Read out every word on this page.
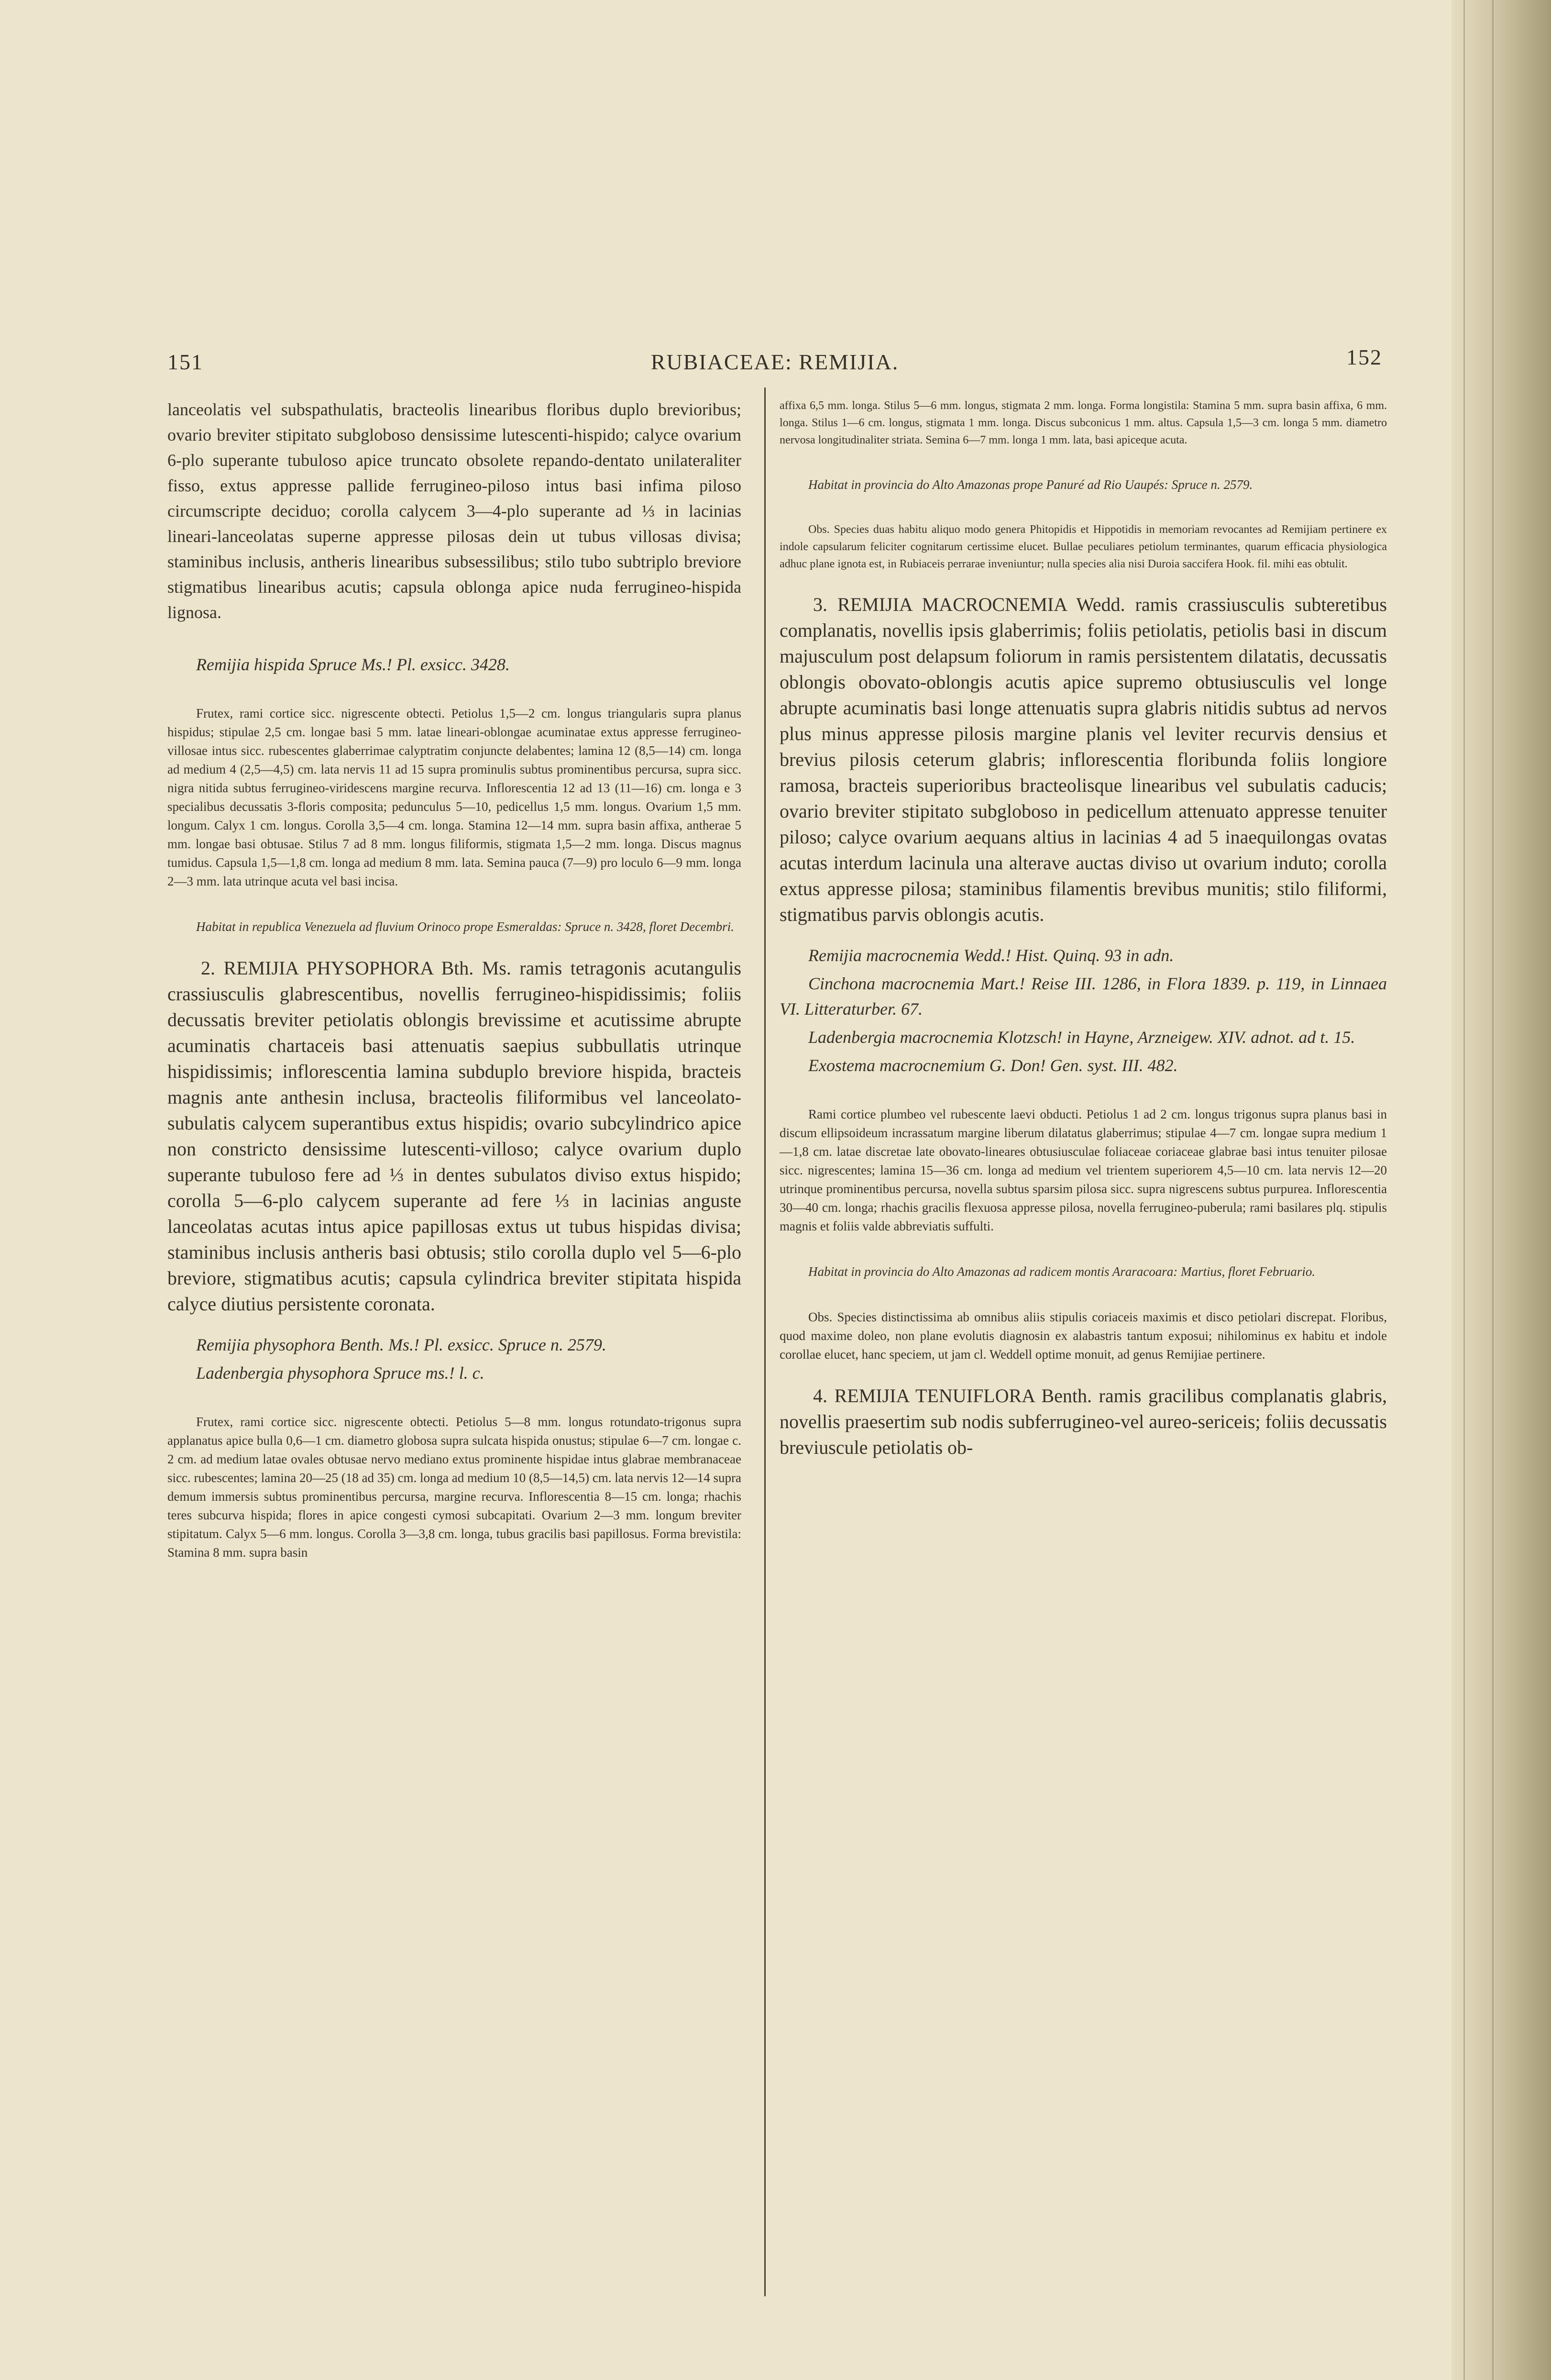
151	RUBIACEAE: REMIJIA.	152

lanceolatis vel subspathulatis, bracteolis linearibus floribus duplo brevioribus; ovario breviter stipitato subgloboso densissime lutescenti-hispido; calyce ovarium 6-plo superante tubuloso apice truncato obsolete repando-dentato unilateraliter fisso, extus appresse pallide ferrugineo-piloso intus basi infima piloso circumscripte deciduo; corolla calycem 3—4-plo superante ad ⅓ in lacinias lineari-lanceolatas superne appresse pilosas dein ut tubus villosas divisa; staminibus inclusis, antheris linearibus subsessilibus; stilo tubo subtriplo breviore stigmatibus linearibus acutis; capsula oblonga apice nuda ferrugineo-hispida lignosa.

Remijia hispida Spruce Ms.! Pl. exsicc. 3428.

Frutex, rami cortice sicc. nigrescente obtecti. Petiolus 1,5—2 cm. longus triangularis supra planus hispidus; stipulae 2,5 cm. longae basi 5 mm. latae lineari-oblongae acuminatae extus appresse ferrugineo-villosae intus sicc. rubescentes glaberrimae calyptratim conjuncte delabentes; lamina 12 (8,5—14) cm. longa ad medium 4 (2,5—4,5) cm. lata nervis 11 ad 15 supra prominulis subtus prominentibus percursa, supra sicc. nigra nitida subtus ferrugineo-viridescens margine recurva. Inflorescentia 12 ad 13 (11—16) cm. longa e 3 specialibus decussatis 3-floris composita; pedunculus 5—10, pedicellus 1,5 mm. longus. Ovarium 1,5 mm. longum. Calyx 1 cm. longus. Corolla 3,5—4 cm. longa. Stamina 12—14 mm. supra basin affixa, antherae 5 mm. longae basi obtusae. Stilus 7 ad 8 mm. longus filiformis, stigmata 1,5—2 mm. longa. Discus magnus tumidus. Capsula 1,5—1,8 cm. longa ad medium 8 mm. lata. Semina pauca (7—9) pro loculo 6—9 mm. longa 2—3 mm. lata utrinque acuta vel basi incisa.

Habitat in republica Venezuela ad fluvium Orinoco prope Esmeraldas: Spruce n. 3428, floret Decembri.

2. REMIJIA PHYSOPHORA Bth. Ms. ramis tetragonis acutangulis crassiusculis glabrescentibus, novellis ferrugineo-hispidissimis; foliis decussatis breviter petiolatis oblongis brevissime et acutissime abrupte acuminatis chartaceis basi attenuatis saepius subbullatis utrinque hispidissimis; inflorescentia lamina subduplo breviore hispida, bracteis magnis ante anthesin inclusa, bracteolis filiformibus vel lanceolato-subulatis calycem superantibus extus hispidis; ovario subcylindrico apice non constricto densissime lutescenti-villoso; calyce ovarium duplo superante tubuloso fere ad ⅓ in dentes subulatos diviso extus hispido; corolla 5—6-plo calycem superante ad fere ⅓ in lacinias anguste lanceolatas acutas intus apice papillosas extus ut tubus hispidas divisa; staminibus inclusis antheris basi obtusis; stilo corolla duplo vel 5—6-plo breviore, stigmatibus acutis; capsula cylindrica breviter stipitata hispida calyce diutius persistente coronata.

Remijia physophora Benth. Ms.! Pl. exsicc. Spruce n. 2579.

Ladenbergia physophora Spruce ms.! l. c.

Frutex, rami cortice sicc. nigrescente obtecti. Petiolus 5—8 mm. longus rotundato-trigonus supra applanatus apice bulla 0,6—1 cm. diametro globosa supra sulcata hispida onustus; stipulae 6—7 cm. longae c. 2 cm. ad medium latae ovales obtusae nervo mediano extus prominente hispidae intus glabrae membranaceae sicc. rubescentes; lamina 20—25 (18 ad 35) cm. longa ad medium 10 (8,5—14,5) cm. lata nervis 12—14 supra demum immersis subtus prominentibus percursa, margine recurva. Inflorescentia 8—15 cm. longa; rhachis teres subcurva hispida; flores in apice congesti cymosi subcapitati. Ovarium 2—3 mm. longum breviter stipitatum. Calyx 5—6 mm. longus. Corolla 3—3,8 cm. longa, tubus gracilis basi papillosus. Forma brevistila: Stamina 8 mm. supra basin

affixa 6,5 mm. longa. Stilus 5—6 mm. longus, stigmata 2 mm. longa. Forma longistila: Stamina 5 mm. supra basin affixa, 6 mm. longa. Stilus 1—6 cm. longus, stigmata 1 mm. longa. Discus subconicus 1 mm. altus. Capsula 1,5—3 cm. longa 5 mm. diametro nervosa longitudinaliter striata. Semina 6—7 mm. longa 1 mm. lata, basi apiceque acuta.

Habitat in provincia do Alto Amazonas prope Panuré ad Rio Uaupés: Spruce n. 2579.

Obs. Species duas habitu aliquo modo genera Phitopidis et Hippotidis in memoriam revocantes ad Remijiam pertinere ex indole capsularum feliciter cognitarum certissime elucet. Bullae peculiares petiolum terminantes, quarum efficacia physiologica adhuc plane ignota est, in Rubiaceis perrarae inveniuntur; nulla species alia nisi Duroia saccifera Hook. fil. mihi eas obtulit.

3. REMIJIA MACROCNEMIA Wedd. ramis crassiusculis subteretibus complanatis, novellis ipsis glaberrimis; foliis petiolatis, petiolis basi in discum majusculum post delapsum foliorum in ramis persistentem dilatatis, decussatis oblongis obovato-oblongis acutis apice supremo obtusiusculis vel longe abrupte acuminatis basi longe attenuatis supra glabris nitidis subtus ad nervos plus minus appresse pilosis margine planis vel leviter recurvis densius et brevius pilosis ceterum glabris; inflorescentia floribunda foliis longiore ramosa, bracteis superioribus bracteolisque linearibus vel subulatis caducis; ovario breviter stipitato subgloboso in pedicellum attenuato appresse tenuiter piloso; calyce ovarium aequans altius in lacinias 4 ad 5 inaequilongas ovatas acutas interdum lacinula una alterave auctas diviso ut ovarium induto; corolla extus appresse pilosa; staminibus filamentis brevibus munitis; stilo filiformi, stigmatibus parvis oblongis acutis.

Remijia macrocnemia Wedd.! Hist. Quinq. 93 in adn.

Cinchona macrocnemia Mart.! Reise III. 1286, in Flora 1839. p. 119, in Linnaea VI. Litteraturber. 67.

Ladenbergia macrocnemia Klotzsch! in Hayne, Arzneigew. XIV. adnot. ad t. 15.

Exostema macrocnemium G. Don! Gen. syst. III. 482.

Rami cortice plumbeo vel rubescente laevi obducti. Petiolus 1 ad 2 cm. longus trigonus supra planus basi in discum ellipsoideum incrassatum margine liberum dilatatus glaberrimus; stipulae 4—7 cm. longae supra medium 1—1,8 cm. latae discretae late obovato-lineares obtusiusculae foliaceae coriaceae glabrae basi intus tenuiter pilosae sicc. nigrescentes; lamina 15—36 cm. longa ad medium vel trientem superiorem 4,5—10 cm. lata nervis 12—20 utrinque prominentibus percursa, novella subtus sparsim pilosa sicc. supra nigrescens subtus purpurea. Inflorescentia 30—40 cm. longa; rhachis gracilis flexuosa appresse pilosa, novella ferrugineo-puberula; rami basilares plq. stipulis magnis et foliis valde abbreviatis suffulti.

Habitat in provincia do Alto Amazonas ad radicem montis Araracoara: Martius, floret Februario.

Obs. Species distinctissima ab omnibus aliis stipulis coriaceis maximis et disco petiolari discrepat. Floribus, quod maxime doleo, non plane evolutis diagnosin ex alabastris tantum exposui; nihilominus ex habitu et indole corollae elucet, hanc speciem, ut jam cl. Weddell optime monuit, ad genus Remijiae pertinere.

4. REMIJIA TENUIFLORA Benth. ramis gracilibus complanatis glabris, novellis praesertim sub nodis subferrugineo-vel aureo-sericeis; foliis decussatis breviuscule petiolatis ob-
